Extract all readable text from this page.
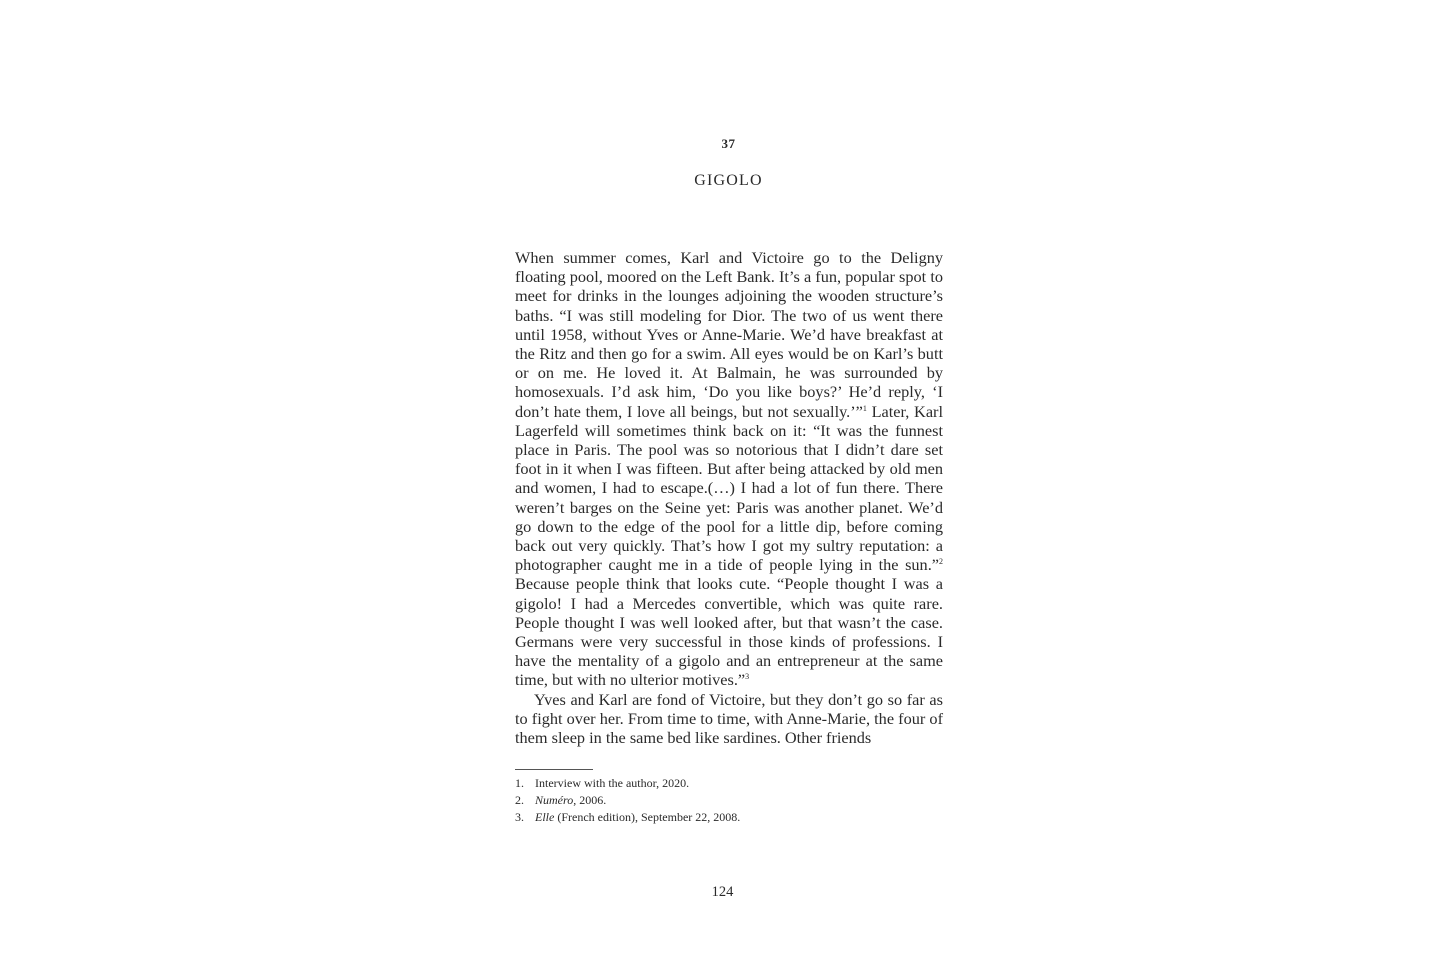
37
GIGOLO

When summer comes, Karl and Victoire go to the Deligny floating pool, moored on the Left Bank. It’s a fun, popular spot to meet for drinks in the lounges adjoining the wooden structure’s baths. “I was still modeling for Dior. The two of us went there until 1958, without Yves or Anne-Marie. We’d have breakfast at the Ritz and then go for a swim. All eyes would be on Karl’s butt or on me. He loved it. At Balmain, he was surrounded by homosexuals. I’d ask him, ‘Do you like boys?’ He’d reply, ‘I don’t hate them, I love all beings, but not sexually.’”$^1$ Later, Karl Lagerfeld will sometimes think back on it: “It was the funnest place in Paris. The pool was so notorious that I didn’t dare set foot in it when I was fifteen. But after being attacked by old men and women, I had to escape.(…) I had a lot of fun there. There weren’t barges on the Seine yet: Paris was another planet. We’d go down to the edge of the pool for a little dip, before coming back out very quickly. That’s how I got my sultry reputation: a photographer caught me in a tide of people lying in the sun.”$^2$ Because people think that looks cute. “People thought I was a gigolo! I had a Mercedes convertible, which was quite rare. People thought I was well looked after, but that wasn’t the case. Germans were very successful in those kinds of professions. I have the mentality of a gigolo and an entrepreneur at the same time, but with no ulterior motives.”$^3$

Yves and Karl are fond of Victoire, but they don’t go so far as to fight over her. From time to time, with Anne-Marie, the four of them sleep in the same bed like sardines. Other friends

1. Interview with the author, 2020.
2. Numéro, 2006.
3. Elle (French edition), September 22, 2008.
124
